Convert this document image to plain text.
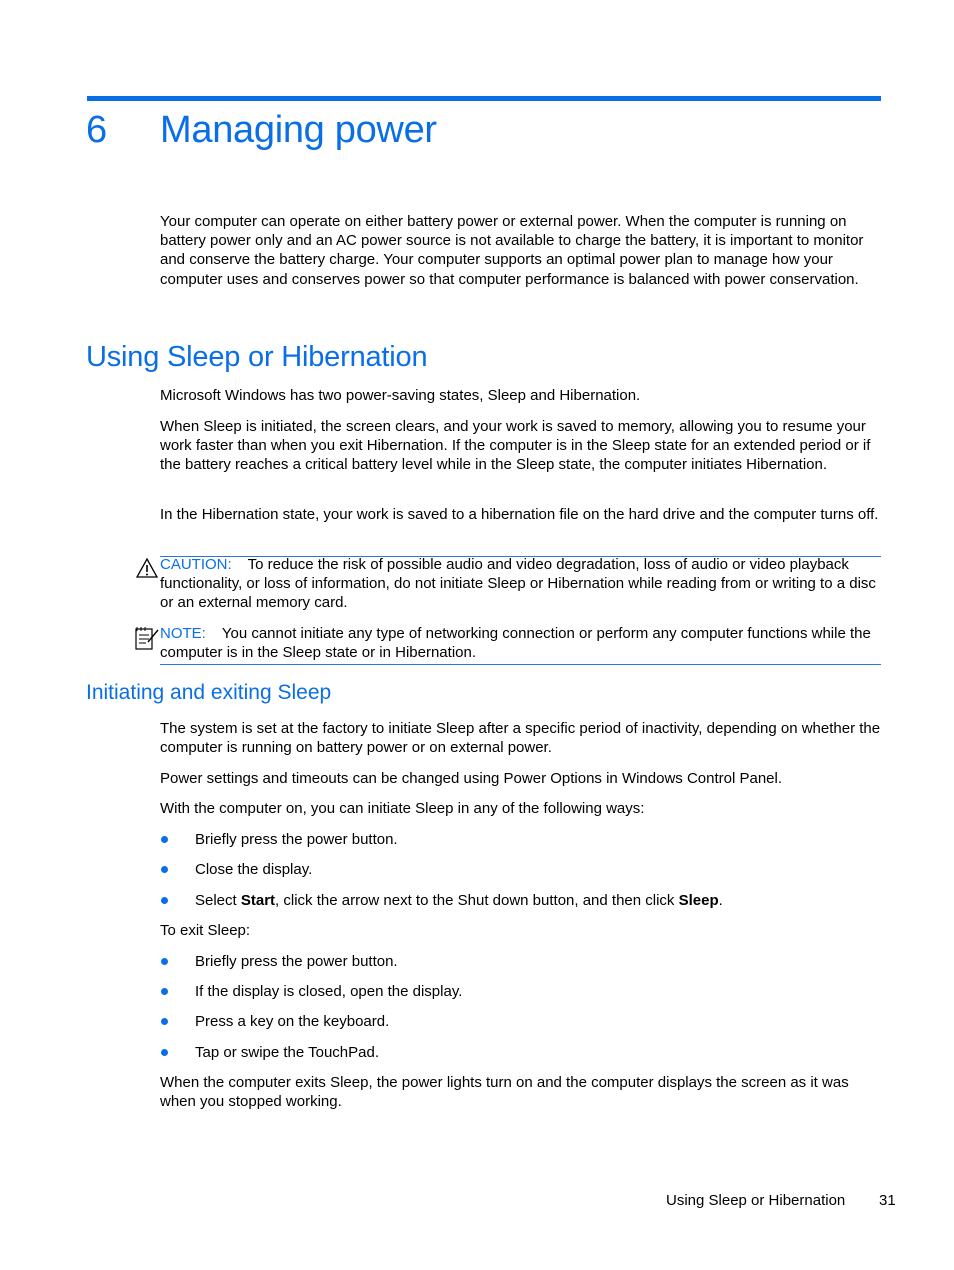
6 Managing power
Your computer can operate on either battery power or external power. When the computer is running on battery power only and an AC power source is not available to charge the battery, it is important to monitor and conserve the battery charge. Your computer supports an optimal power plan to manage how your computer uses and conserves power so that computer performance is balanced with power conservation.
Using Sleep or Hibernation
Microsoft Windows has two power-saving states, Sleep and Hibernation.
When Sleep is initiated, the screen clears, and your work is saved to memory, allowing you to resume your work faster than when you exit Hibernation. If the computer is in the Sleep state for an extended period or if the battery reaches a critical battery level while in the Sleep state, the computer initiates Hibernation.
In the Hibernation state, your work is saved to a hibernation file on the hard drive and the computer turns off.
CAUTION: To reduce the risk of possible audio and video degradation, loss of audio or video playback functionality, or loss of information, do not initiate Sleep or Hibernation while reading from or writing to a disc or an external memory card.
NOTE: You cannot initiate any type of networking connection or perform any computer functions while the computer is in the Sleep state or in Hibernation.
Initiating and exiting Sleep
The system is set at the factory to initiate Sleep after a specific period of inactivity, depending on whether the computer is running on battery power or on external power.
Power settings and timeouts can be changed using Power Options in Windows Control Panel.
With the computer on, you can initiate Sleep in any of the following ways:
Briefly press the power button.
Close the display.
Select Start, click the arrow next to the Shut down button, and then click Sleep.
To exit Sleep:
Briefly press the power button.
If the display is closed, open the display.
Press a key on the keyboard.
Tap or swipe the TouchPad.
When the computer exits Sleep, the power lights turn on and the computer displays the screen as it was when you stopped working.
Using Sleep or Hibernation 31
